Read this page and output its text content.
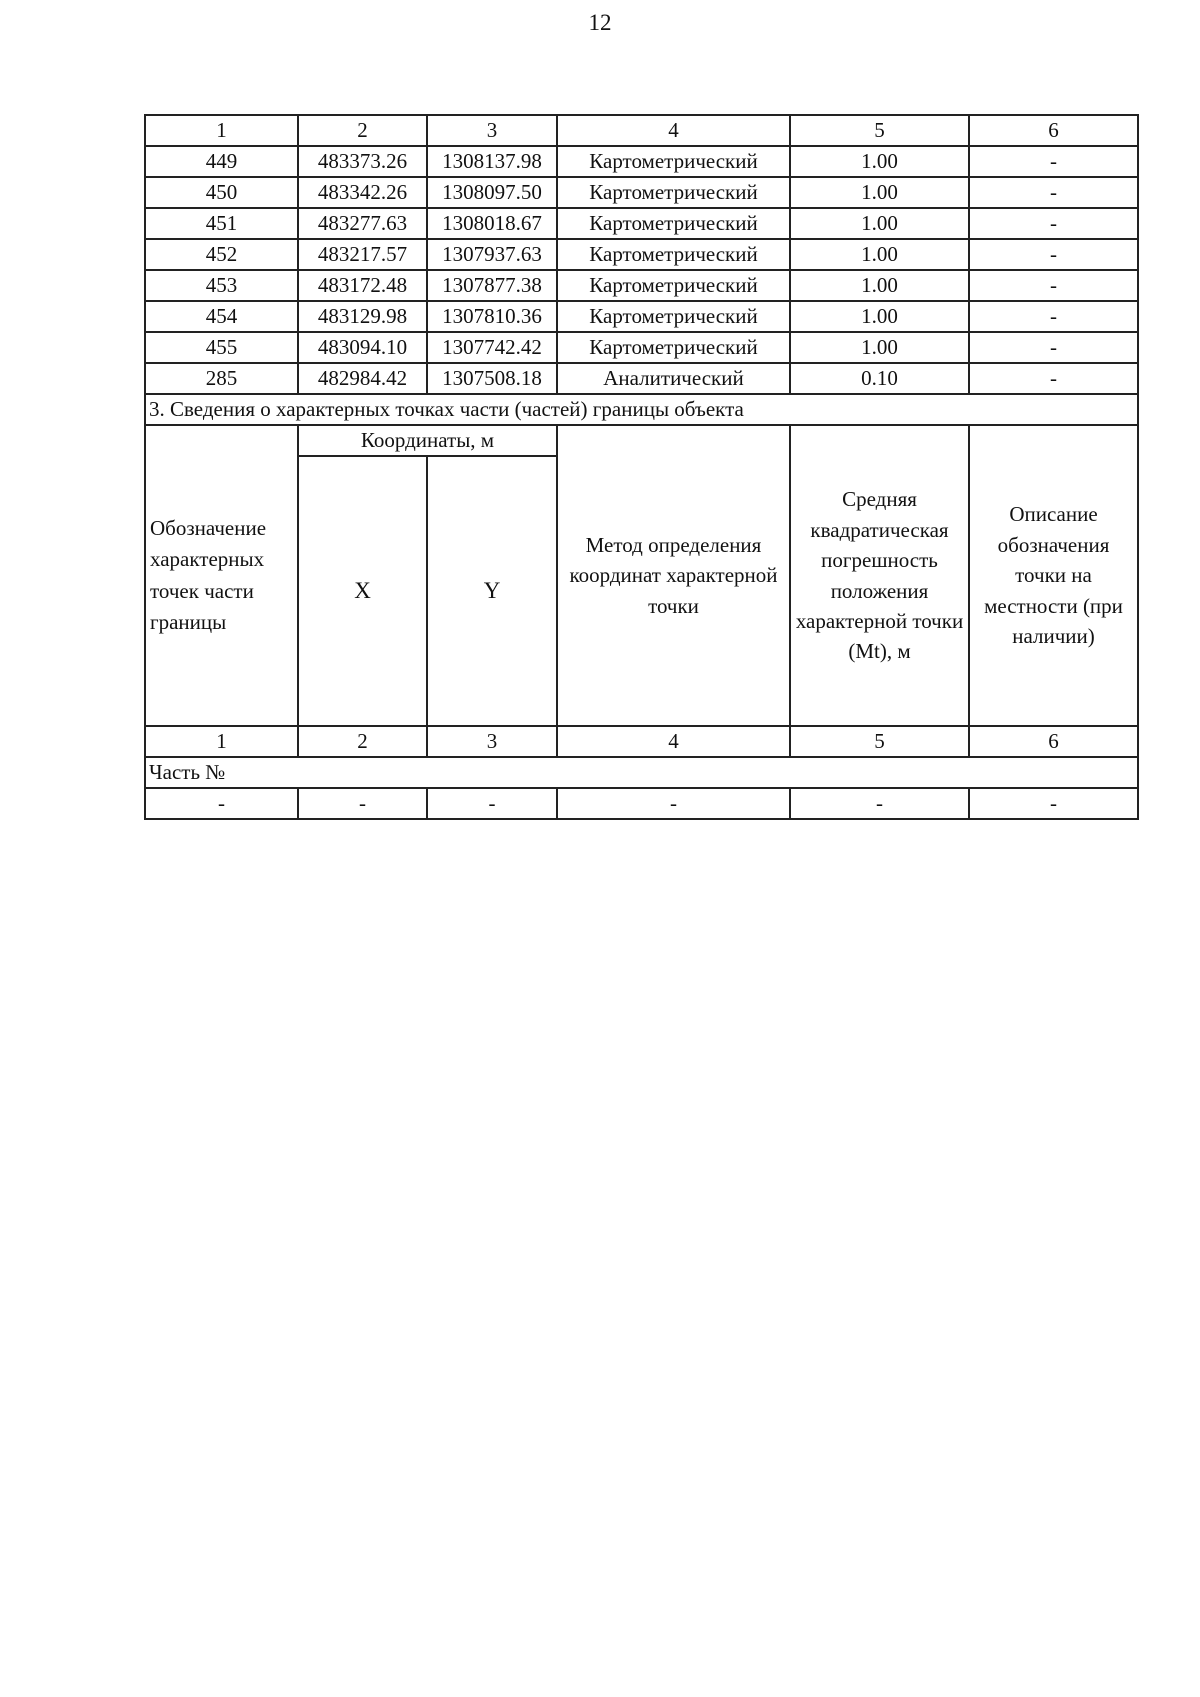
12
1	2	3	4	5	6
449	483373.26	1308137.98	Картометрический	1.00	-
450	483342.26	1308097.50	Картометрический	1.00	-
451	483277.63	1308018.67	Картометрический	1.00	-
452	483217.57	1307937.63	Картометрический	1.00	-
453	483172.48	1307877.38	Картометрический	1.00	-
454	483129.98	1307810.36	Картометрический	1.00	-
455	483094.10	1307742.42	Картометрический	1.00	-
285	482984.42	1307508.18	Аналитический	0.10	-
3. Сведения о характерных точках части (частей) границы объекта					
Обозначение характерных точек части границы	Координаты, м		Метод определения координат характерной точки	Средняя квадратическая погрешность положения характерной точки (Mt), м	Описание обозначения точки на местности (при наличии)
	X	Y			
1	2	3	4	5	6
Часть №					
-	-	-	-	-	-
